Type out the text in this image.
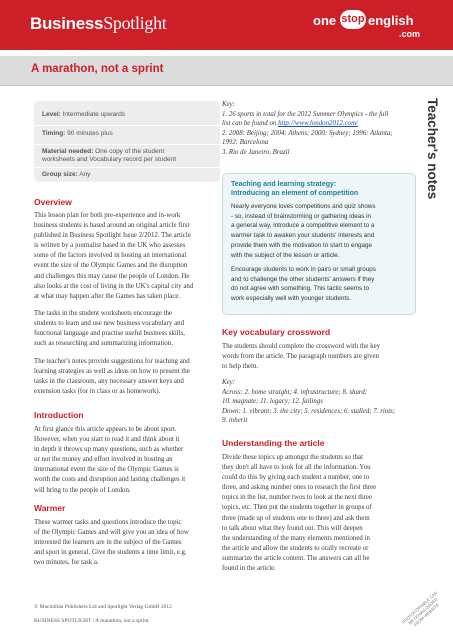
BusinessSpotlight	one stop english
.com
A marathon, not a sprint
Level: Intermediate upwards
Timing: 90 minutes plus
Material needed: One copy of the student
worksheets and Vocabulary record per student
Group size: Any
Overview
This lesson plan for both pre-experience and in-work
business students is based around an original article first
published in Business Spotlight Issue 2/2012. The article
is written by a journalist based in the UK who assesses
some of the factors involved in hosting an international
event the size of the Olympic Games and the disruption
and challenges this may cause the people of London. He
also looks at the cost of living in the UK's capital city and
at what may happen after the Games has taken place.
The tasks in the student worksheets encourage the
students to learn and use new business vocabulary and
functional language and practise useful business skills,
such as researching and summarizing information.
The teacher's notes provide suggestions for teaching and
learning strategies as well as ideas on how to present the
tasks in the classroom, any necessary answer keys and
extension tasks (for in class or as homework).
Introduction
At first glance this article appears to be about sport.
However, when you start to read it and think about it
in depth it throws up many questions, such as whether
or not the money and effort involved in hosting an
international event the size of the Olympic Games is
worth the costs and disruption and lasting challenges it
will bring to the people of London.
Warmer
These warmer tasks and questions introduce the topic
of the Olympic Games and will give you an idea of how
interested the learners are in the subject of the Games
and sport in general. Give the students a time limit, e.g.
two minutes, for task a.
Key:
1. 26 sports in total for the 2012 Summer Olympics - the full
list can be found on http://www.london2012.com/
2. 2008: Beijing; 2004: Athens; 2000: Sydney; 1996: Atlanta;
1992: Barcelona
3. Rio de Janeiro, Brazil
Teaching and learning strategy:
Introducing an element of competition
Nearly everyone loves competitions and quiz shows
- so, instead of brainstorming or gathering ideas in
a general way, introduce a competitive element to a
warmer task to awaken your students' interests and
provide them with the motivation to start to engage
with the subject of the lesson or article.
Encourage students to work in pairs or small groups
and to challenge the other students' answers if they
do not agree with something. This tactic seems to
work especially well with younger students.
Key vocabulary crossword
The students should complete the crossword with the key
words from the article. The paragraph numbers are given
to help them.
Key:
Across: 2. home straight; 4. infrastructure; 8. shard;
10. magnate; 11. legacy; 12. failings
Down: 1. vibrant; 3. the city; 5. residences; 6. stalled; 7. riots;
9. inherit
Understanding the article
Divide these topics up amongst the students so that
they don't all have to look for all the information. You
could do this by giving each student a number, one to
three, and asking number ones to research the first three
topics in the list, number twos to look at the next three
topics, etc. Then put the students together in groups of
three (made up of students one to three) and ask them
to talk about what they found out. This will deepen
the understanding of the many elements mentioned in
the article and allow the students to orally recreate or
summarize the article content. The answers can all be
found in the article.
Teacher's notes
© Macmillan Publishers Ltd and Spotlight Verlag GmbH 2012
BUSINESS SPOTLIGHT / A marathon, not a sprint	PHOTOCOPIABLE CAN BE DOWNLOADED FROM WEBSITE
